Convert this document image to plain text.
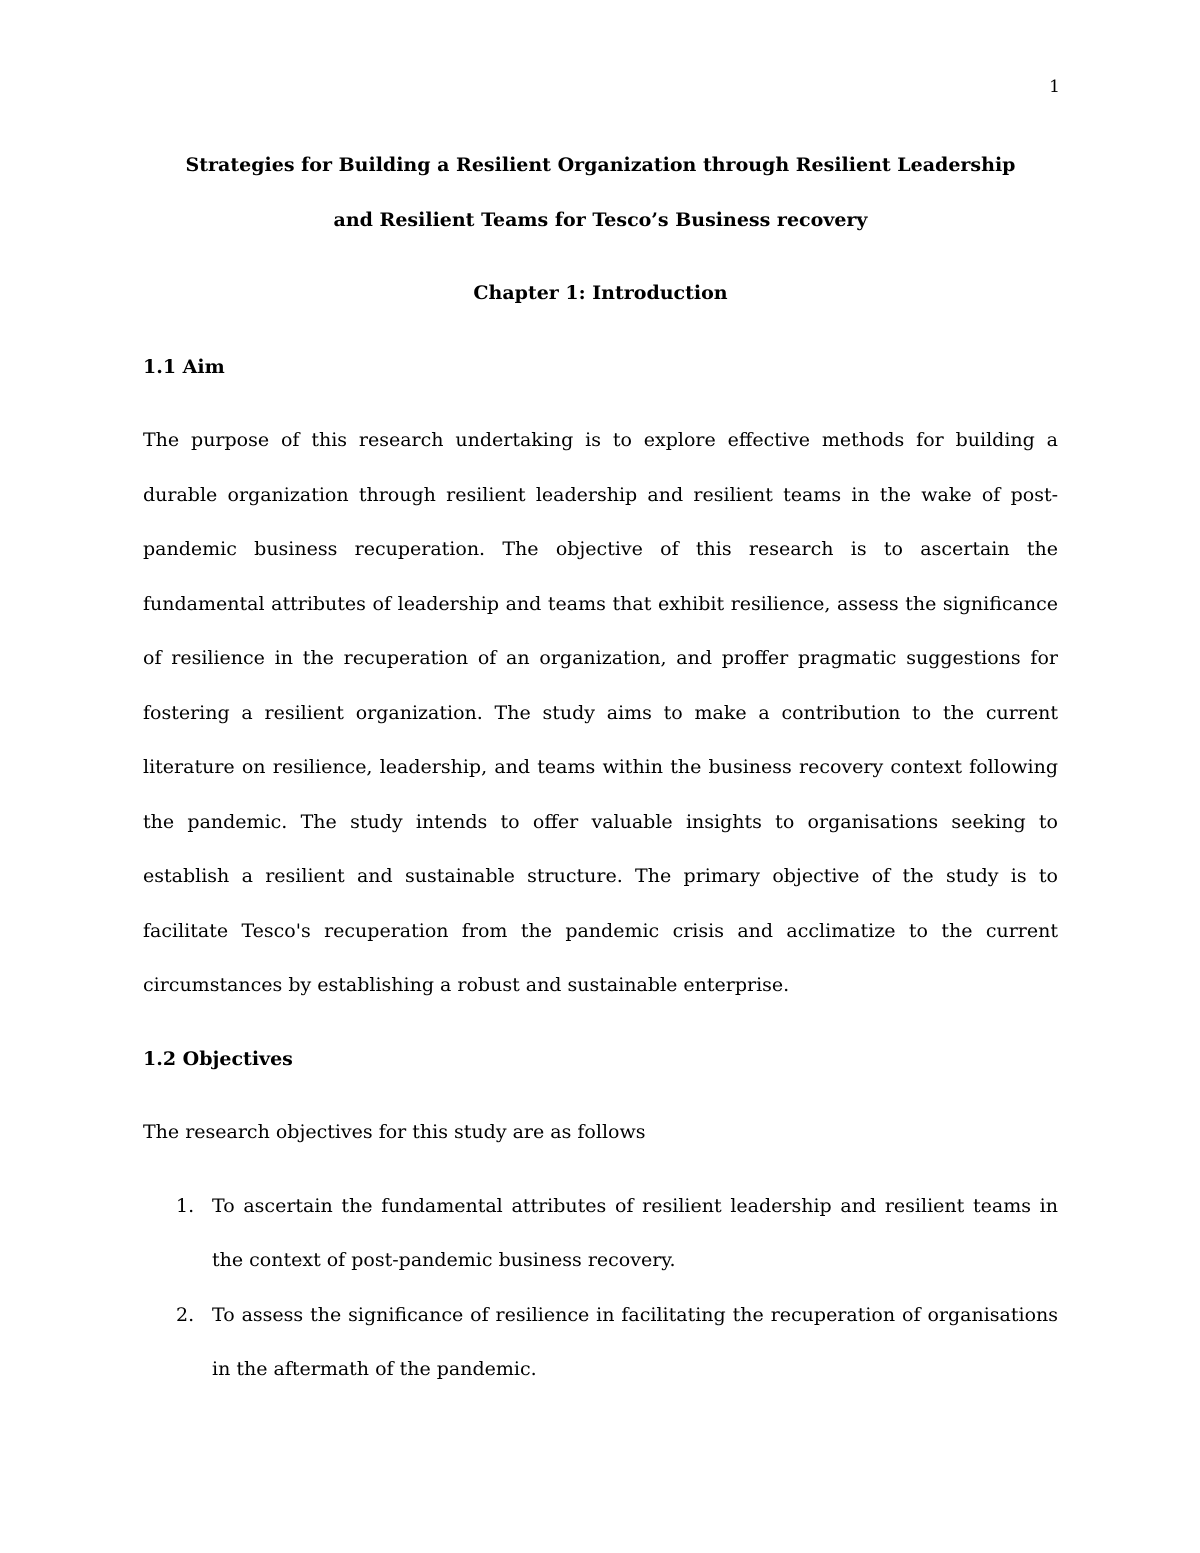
1

Strategies for Building a Resilient Organization through Resilient Leadership

and Resilient Teams for Tesco’s Business recovery

Chapter 1: Introduction

1.1 Aim

The purpose of this research undertaking is to explore effective methods for building a durable organization through resilient leadership and resilient teams in the wake of post-pandemic business recuperation. The objective of this research is to ascertain the fundamental attributes of leadership and teams that exhibit resilience, assess the significance of resilience in the recuperation of an organization, and proffer pragmatic suggestions for fostering a resilient organization. The study aims to make a contribution to the current literature on resilience, leadership, and teams within the business recovery context following the pandemic. The study intends to offer valuable insights to organisations seeking to establish a resilient and sustainable structure. The primary objective of the study is to facilitate Tesco's recuperation from the pandemic crisis and acclimatize to the current circumstances by establishing a robust and sustainable enterprise.

1.2 Objectives

The research objectives for this study are as follows

1. To ascertain the fundamental attributes of resilient leadership and resilient teams in the context of post-pandemic business recovery.
2. To assess the significance of resilience in facilitating the recuperation of organisations in the aftermath of the pandemic.
